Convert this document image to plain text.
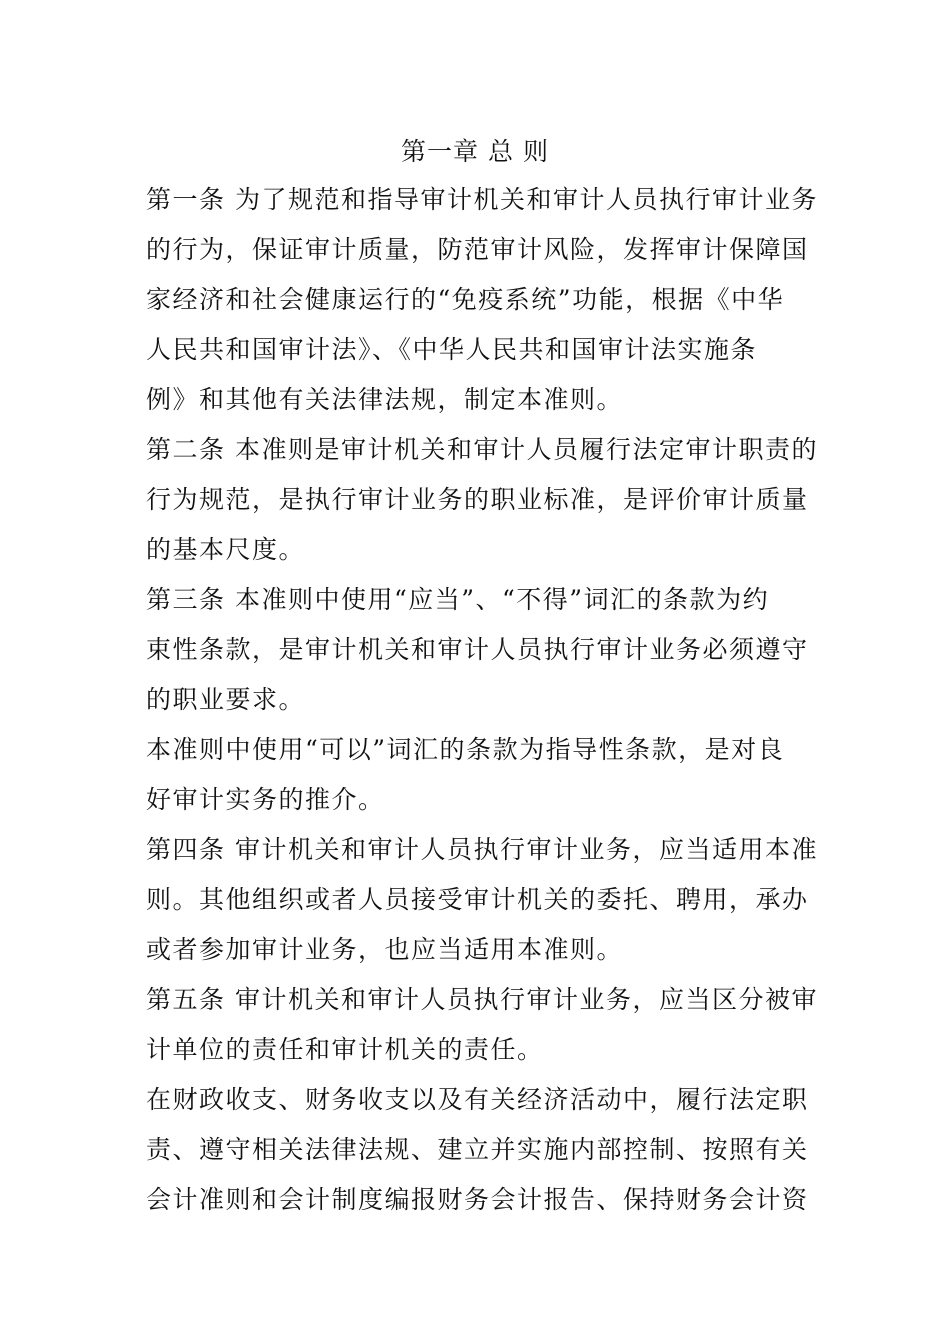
第一章 总 则
第一条 为了规范和指导审计机关和审计人员执行审计业务
的行为，保证审计质量，防范审计风险，发挥审计保障国
家经济和社会健康运行的“免疫系统”功能，根据《中华
人民共和国审计法》、《中华人民共和国审计法实施条
例》和其他有关法律法规，制定本准则。
第二条 本准则是审计机关和审计人员履行法定审计职责的
行为规范，是执行审计业务的职业标准，是评价审计质量
的基本尺度。
第三条 本准则中使用“应当”、“不得”词汇的条款为约
束性条款，是审计机关和审计人员执行审计业务必须遵守
的职业要求。
本准则中使用“可以”词汇的条款为指导性条款，是对良
好审计实务的推介。
第四条 审计机关和审计人员执行审计业务，应当适用本准
则。其他组织或者人员接受审计机关的委托、聘用，承办
或者参加审计业务，也应当适用本准则。
第五条 审计机关和审计人员执行审计业务，应当区分被审
计单位的责任和审计机关的责任。
在财政收支、财务收支以及有关经济活动中，履行法定职
责、遵守相关法律法规、建立并实施内部控制、按照有关
会计准则和会计制度编报财务会计报告、保持财务会计资
